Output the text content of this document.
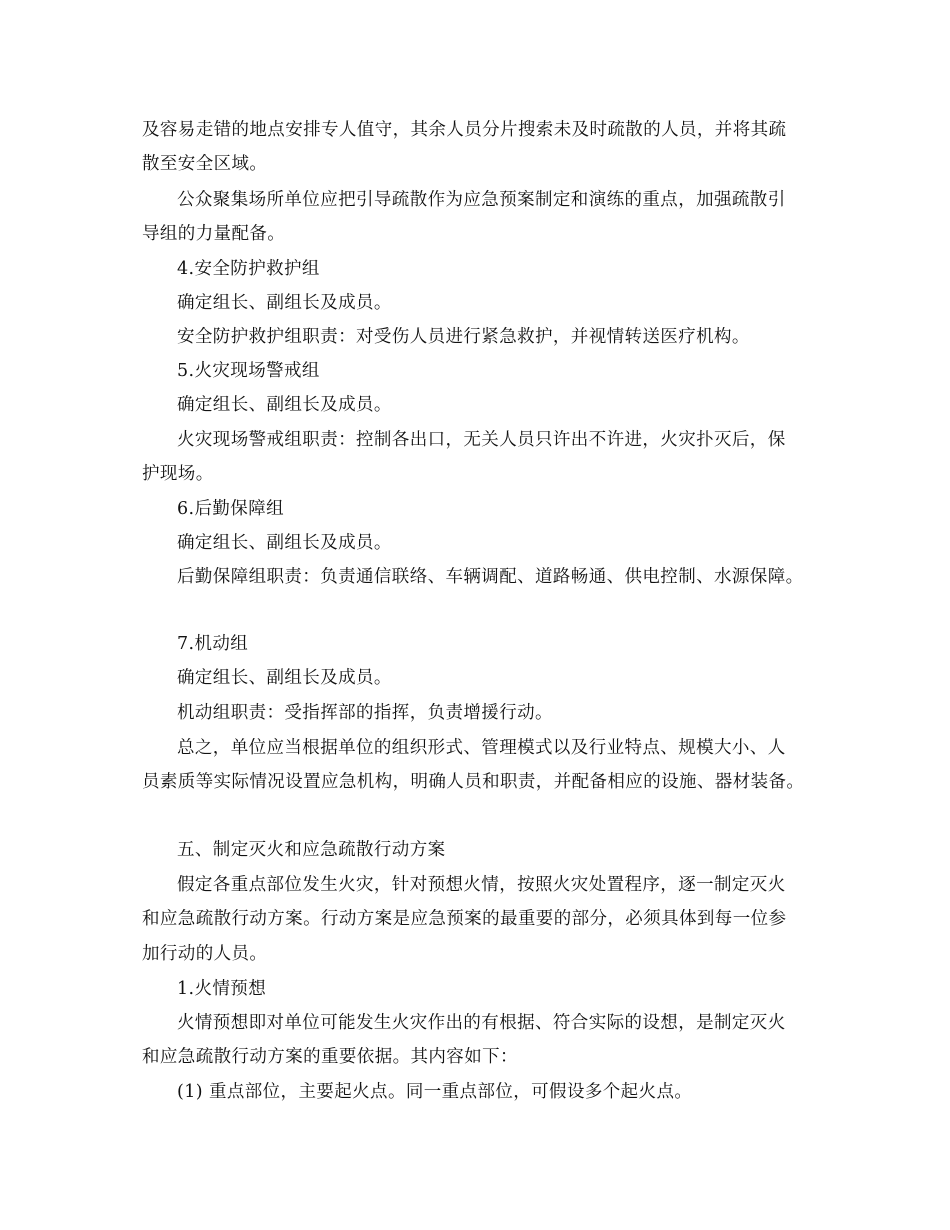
及容易走错的地点安排专人值守，其余人员分片搜索未及时疏散的人员，并将其疏
散至安全区域。
公众聚集场所单位应把引导疏散作为应急预案制定和演练的重点，加强疏散引
导组的力量配备。
4.安全防护救护组
确定组长、副组长及成员。
安全防护救护组职责：对受伤人员进行紧急救护，并视情转送医疗机构。
5.火灾现场警戒组
确定组长、副组长及成员。
火灾现场警戒组职责：控制各出口，无关人员只许出不许进，火灾扑灭后，保
护现场。
6.后勤保障组
确定组长、副组长及成员。
后勤保障组职责：负责通信联络、车辆调配、道路畅通、供电控制、水源保障。
7.机动组
确定组长、副组长及成员。
机动组职责：受指挥部的指挥，负责增援行动。
总之，单位应当根据单位的组织形式、管理模式以及行业特点、规模大小、人
员素质等实际情况设置应急机构，明确人员和职责，并配备相应的设施、器材装备。
五、制定灭火和应急疏散行动方案
假定各重点部位发生火灾，针对预想火情，按照火灾处置程序，逐一制定灭火
和应急疏散行动方案。行动方案是应急预案的最重要的部分，必须具体到每一位参
加行动的人员。
1.火情预想
火情预想即对单位可能发生火灾作出的有根据、符合实际的设想，是制定灭火
和应急疏散行动方案的重要依据。其内容如下：
(1) 重点部位，主要起火点。同一重点部位，可假设多个起火点。
